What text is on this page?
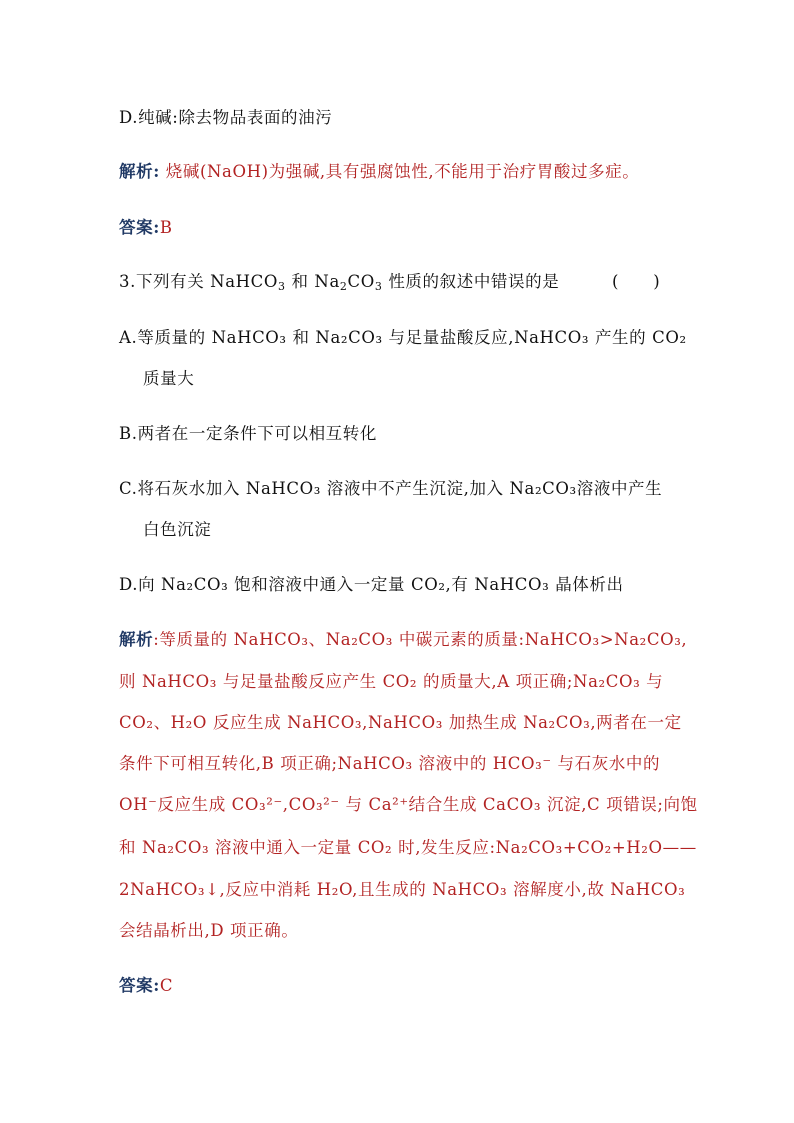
D.纯碱:除去物品表面的油污
解析: 烧碱(NaOH)为强碱,具有强腐蚀性,不能用于治疗胃酸过多症。
答案:B
3.下列有关 NaHCO$_3$ 和 $Na_2CO_3$ 性质的叙述中错误的是	(　　)
A.等质量的 NaHCO₃ 和 Na₂CO₃ 与足量盐酸反应,NaHCO₃ 产生的 CO₂
质量大
B.两者在一定条件下可以相互转化
C.将石灰水加入 NaHCO₃ 溶液中不产生沉淀,加入 Na₂CO₃溶液中产生
白色沉淀
D.向 Na₂CO₃ 饱和溶液中通入一定量 CO₂,有 NaHCO₃ 晶体析出
解析:等质量的 NaHCO₃、Na₂CO₃ 中碳元素的质量:NaHCO₃>Na₂CO₃,
则 NaHCO₃ 与足量盐酸反应产生 CO₂ 的质量大,A 项正确;Na₂CO₃ 与
CO₂、H₂O 反应生成 NaHCO₃,NaHCO₃ 加热生成 Na₂CO₃,两者在一定
条件下可相互转化,B 项正确;NaHCO₃ 溶液中的 HCO₃⁻ 与石灰水中的
OH⁻反应生成 CO₃²⁻,CO₃²⁻ 与 Ca²⁺结合生成 CaCO₃ 沉淀,C 项错误;向饱
和 Na₂CO₃ 溶液中通入一定量 CO₂ 时,发生反应:Na₂CO₃+CO₂+H₂O——
2NaHCO₃↓,反应中消耗 H₂O,且生成的 NaHCO₃ 溶解度小,故 NaHCO₃
会结晶析出,D 项正确。
答案:C
